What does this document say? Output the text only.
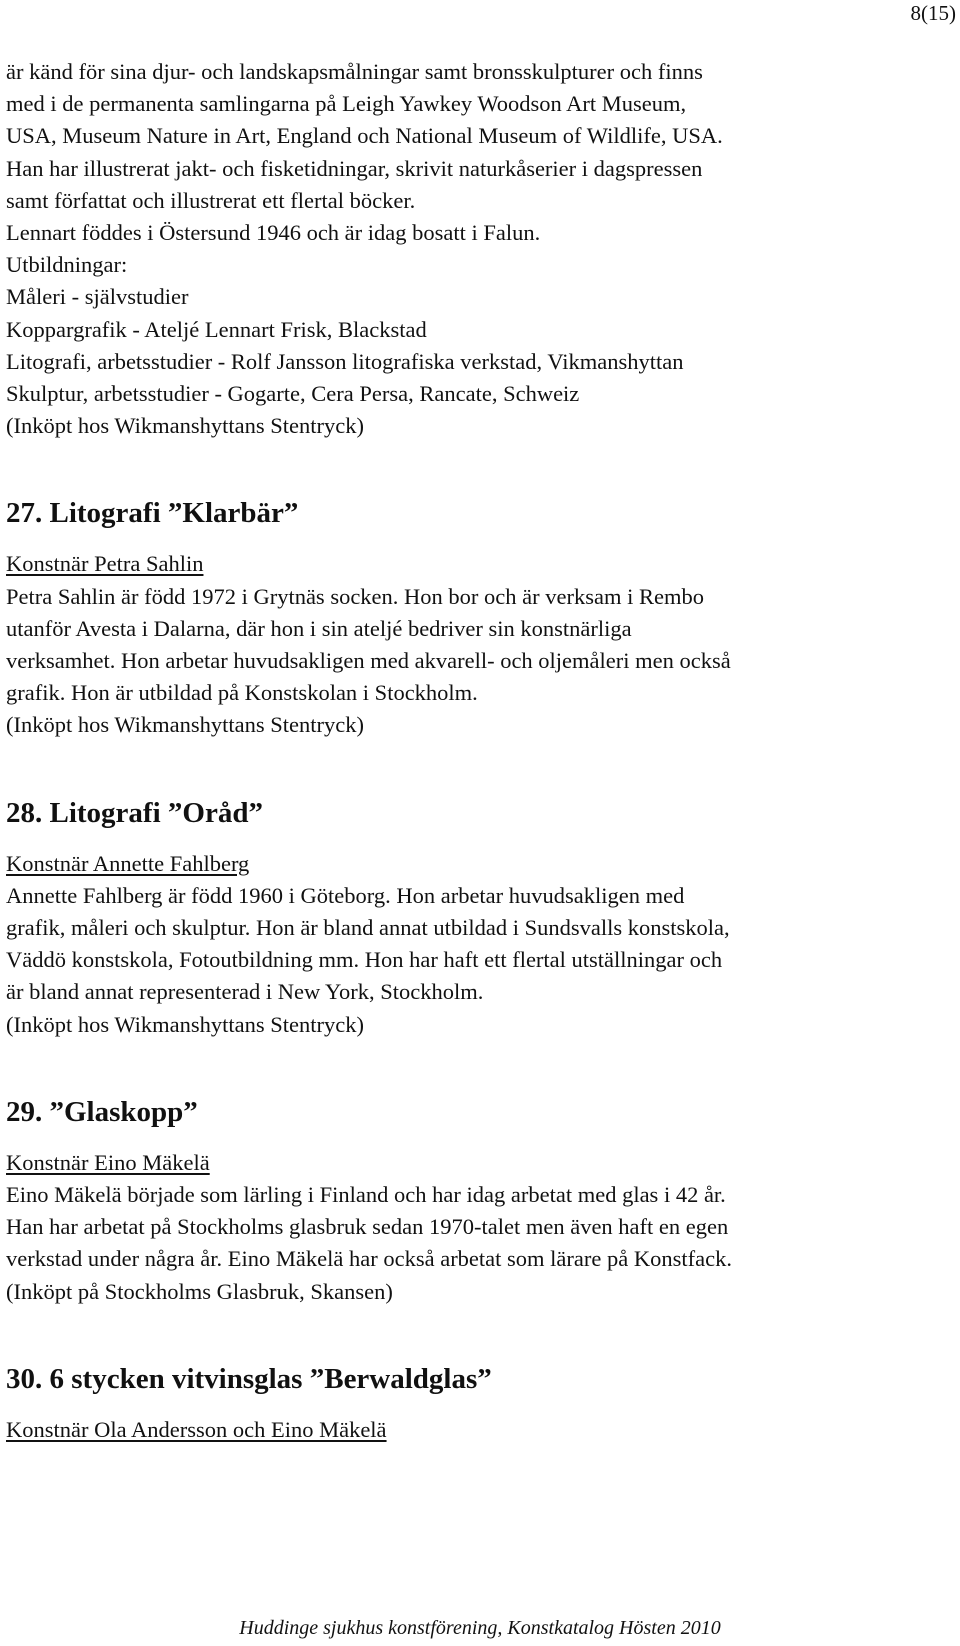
8(15)
är känd för sina djur- och landskapsmålningar samt bronsskulpturer och finns
med i de permanenta samlingarna på Leigh Yawkey Woodson Art Museum,
USA, Museum Nature in Art, England och National Museum of Wildlife, USA.
Han har illustrerat jakt- och fisketidningar, skrivit naturkåserier i dagspressen
samt författat och illustrerat ett flertal böcker.
Lennart föddes i Östersund 1946 och är idag bosatt i Falun.
Utbildningar:
Måleri - självstudier
Koppargrafik - Ateljé Lennart Frisk, Blackstad
Litografi, arbetsstudier - Rolf Jansson litografiska verkstad, Vikmanshyttan
Skulptur, arbetsstudier - Gogarte, Cera Persa, Rancate, Schweiz
(Inköpt hos Wikmanshyttans Stentryck)
27. Litografi ”Klarbär”
Konstnär Petra Sahlin
Petra Sahlin är född 1972 i Grytnäs socken. Hon bor och är verksam i Rembo
utanför Avesta i Dalarna, där hon i sin ateljé bedriver sin konstnärliga
verksamhet. Hon arbetar huvudsakligen med akvarell- och oljemåleri men också
grafik. Hon är utbildad på Konstskolan i Stockholm.
(Inköpt hos Wikmanshyttans Stentryck)
28. Litografi ”Oråd”
Konstnär Annette Fahlberg
Annette Fahlberg är född 1960 i Göteborg. Hon arbetar huvudsakligen med
grafik, måleri och skulptur. Hon är bland annat utbildad i Sundsvalls konstskola,
Väddö konstskola, Fotoutbildning mm. Hon har haft ett flertal utställningar och
är bland annat representerad i New York, Stockholm.
(Inköpt hos Wikmanshyttans Stentryck)
29. ”Glaskopp”
Konstnär Eino Mäkelä
Eino Mäkelä började som lärling i Finland och har idag arbetat med glas i 42 år.
Han har arbetat på Stockholms glasbruk sedan 1970-talet men även haft en egen
verkstad under några år. Eino Mäkelä har också arbetat som lärare på Konstfack.
(Inköpt på Stockholms Glasbruk, Skansen)
30. 6 stycken vitvinsglas ”Berwaldglas”
Konstnär Ola Andersson och Eino Mäkelä
Huddinge sjukhus konstförening, Konstkatalog Hösten 2010
